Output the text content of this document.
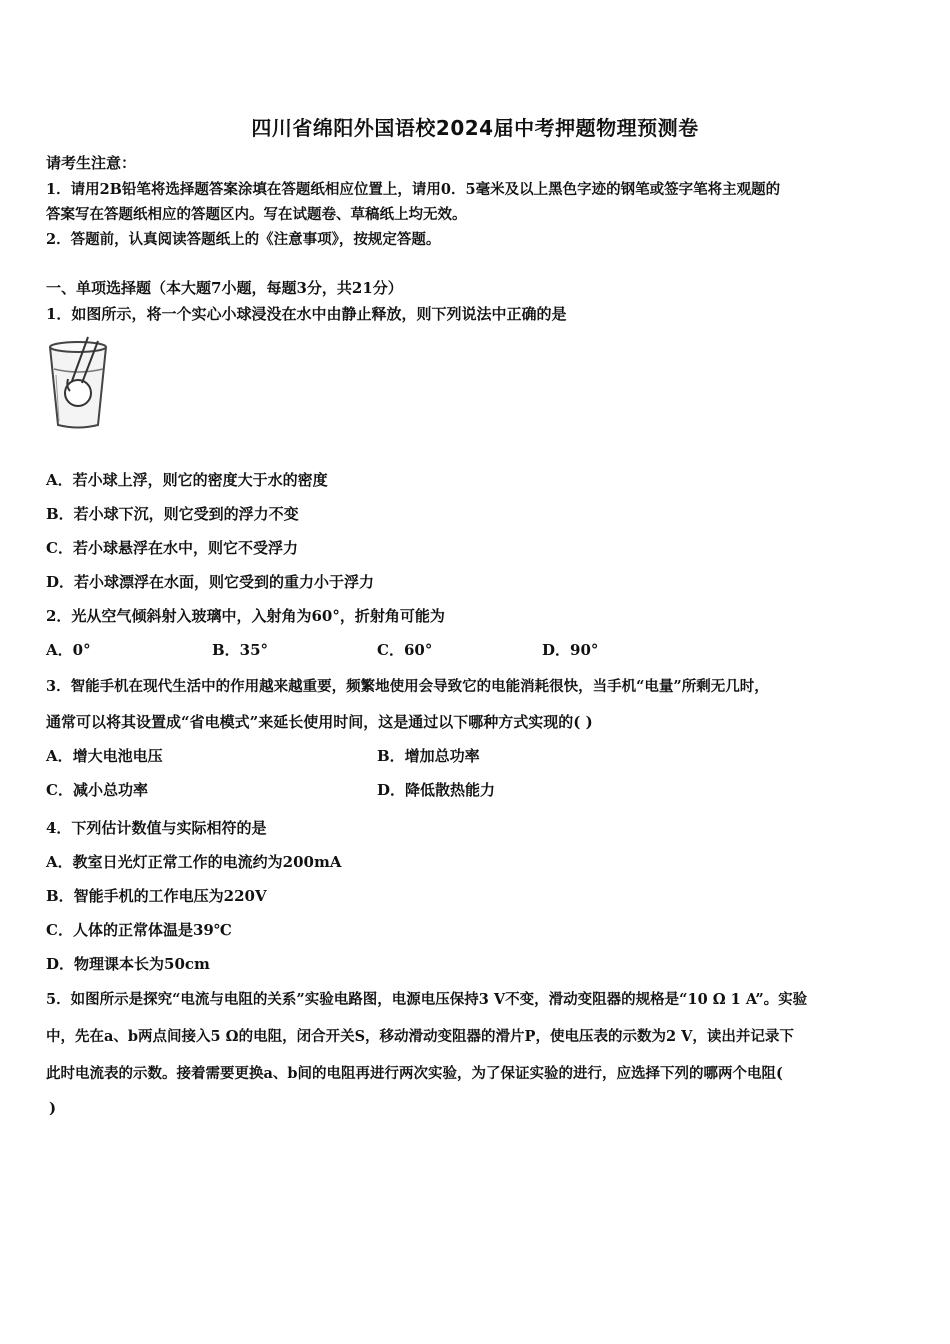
四川省绵阳外国语校2024届中考押题物理预测卷
请考生注意：
1．请用2B铅笔将选择题答案涂填在答题纸相应位置上，请用0．5毫米及以上黑色字迹的钢笔或签字笔将主观题的
答案写在答题纸相应的答题区内。写在试题卷、草稿纸上均无效。
2．答题前，认真阅读答题纸上的《注意事项》，按规定答题。
一、单项选择题（本大题7小题，每题3分，共21分）
1．如图所示，将一个实心小球浸没在水中由静止释放，则下列说法中正确的是
A．若小球上浮，则它的密度大于水的密度
B．若小球下沉，则它受到的浮力不变
C．若小球悬浮在水中，则它不受浮力
D．若小球漂浮在水面，则它受到的重力小于浮力
2．光从空气倾斜射入玻璃中，入射角为60°，折射角可能为
A．0°	B．35°	C．60°	D．90°
3．智能手机在现代生活中的作用越来越重要，频繁地使用会导致它的电能消耗很快，当手机“电量”所剩无几时，
通常可以将其设置成“省电模式”来延长使用时间，这是通过以下哪种方式实现的( )
A．增大电池电压	B．增加总功率
C．减小总功率	D．降低散热能力
4．下列估计数值与实际相符的是
A．教室日光灯正常工作的电流约为200mA
B．智能手机的工作电压为220V
C．人体的正常体温是39℃
D．物理课本长为50cm
5．如图所示是探究“电流与电阻的关系”实验电路图，电源电压保持3 V不变，滑动变阻器的规格是“10 Ω 1 A”。实验
中，先在a、b两点间接入5 Ω的电阻，闭合开关S，移动滑动变阻器的滑片P，使电压表的示数为2 V，读出并记录下
此时电流表的示数。接着需要更换a、b间的电阻再进行两次实验，为了保证实验的进行，应选择下列的哪两个电阻(
)
